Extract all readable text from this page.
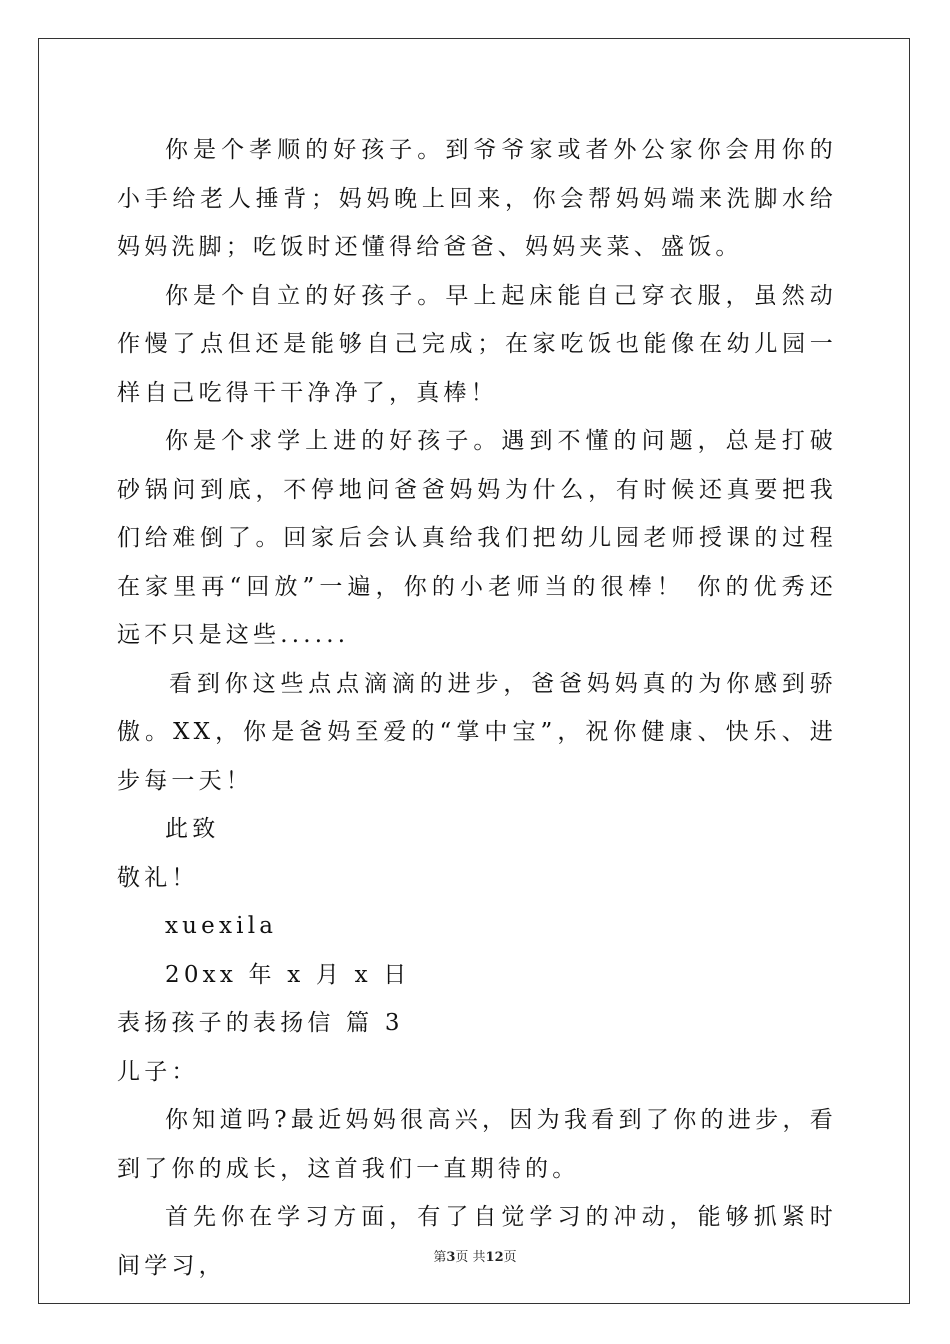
你是个孝顺的好孩子。到爷爷家或者外公家你会用你的小手给老人捶背；妈妈晚上回来，你会帮妈妈端来洗脚水给妈妈洗脚；吃饭时还懂得给爸爸、妈妈夹菜、盛饭。

你是个自立的好孩子。早上起床能自己穿衣服，虽然动作慢了点但还是能够自己完成；在家吃饭也能像在幼儿园一样自己吃得干干净净了，真棒！

你是个求学上进的好孩子。遇到不懂的问题，总是打破砂锅问到底，不停地问爸爸妈妈为什么，有时候还真要把我们给难倒了。回家后会认真给我们把幼儿园老师授课的过程在家里再“回放”一遍，你的小老师当的很棒！ 你的优秀还远不只是这些......

看到你这些点点滴滴的进步，爸爸妈妈真的为你感到骄傲。XX，你是爸妈至爱的“掌中宝”，祝你健康、快乐、进步每一天！

此致
敬礼！
xuexila
20xx 年 x 月 x 日
表扬孩子的表扬信 篇 3
儿子：

你知道吗?最近妈妈很高兴，因为我看到了你的进步，看到了你的成长，这首我们一直期待的。

首先你在学习方面，有了自觉学习的冲动，能够抓紧时间学习，	第3页 共12页
